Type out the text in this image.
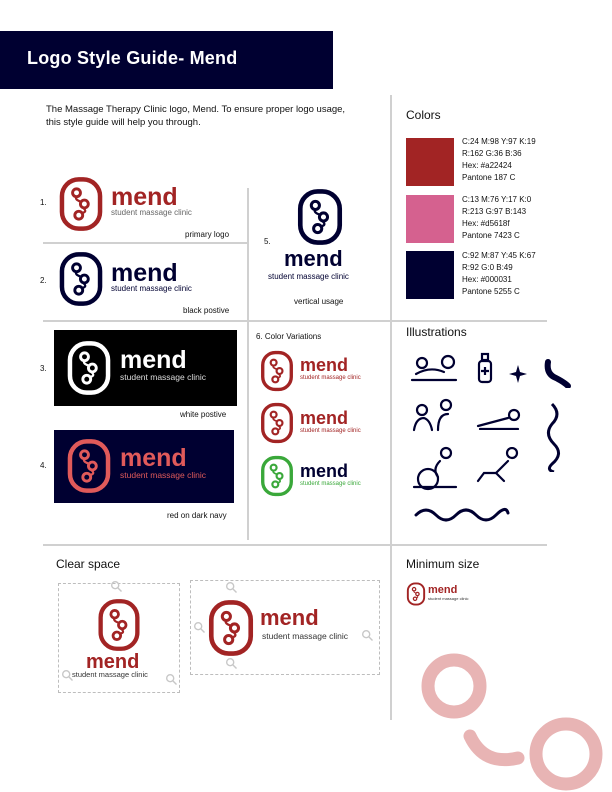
Logo Style Guide- Mend
The Massage Therapy Clinic logo, Mend. To ensure proper logo usage, this style guide will help you through.
1.	mend
student massage clinic
primary logo
2.	mend
student massage clinic
black postive
5.
mend
student massage clinic
vertical usage
3.	mend
student massage clinic
white postive
4.	mend
student massage clinic
red on dark navy
6. Color Variations
mend
student massage clinic
mend
student massage clinic
mend
student massage clinic
Colors
C:24 M:98 Y:97 K:19
R:162 G:36 B:36
Hex: #a22424
Pantone 187 C
C:13 M:76 Y:17 K:0
R:213 G:97 B:143
Hex: #d5618f
Pantone 7423 C
C:92 M:87 Y:45 K:67
R:92 G:0 B:49
Hex: #000031
Pantone 5255 C
Illustrations
Clear space
mend
student massage clinic
mend
student massage clinic
Minimum size
mend
student massage clinic
